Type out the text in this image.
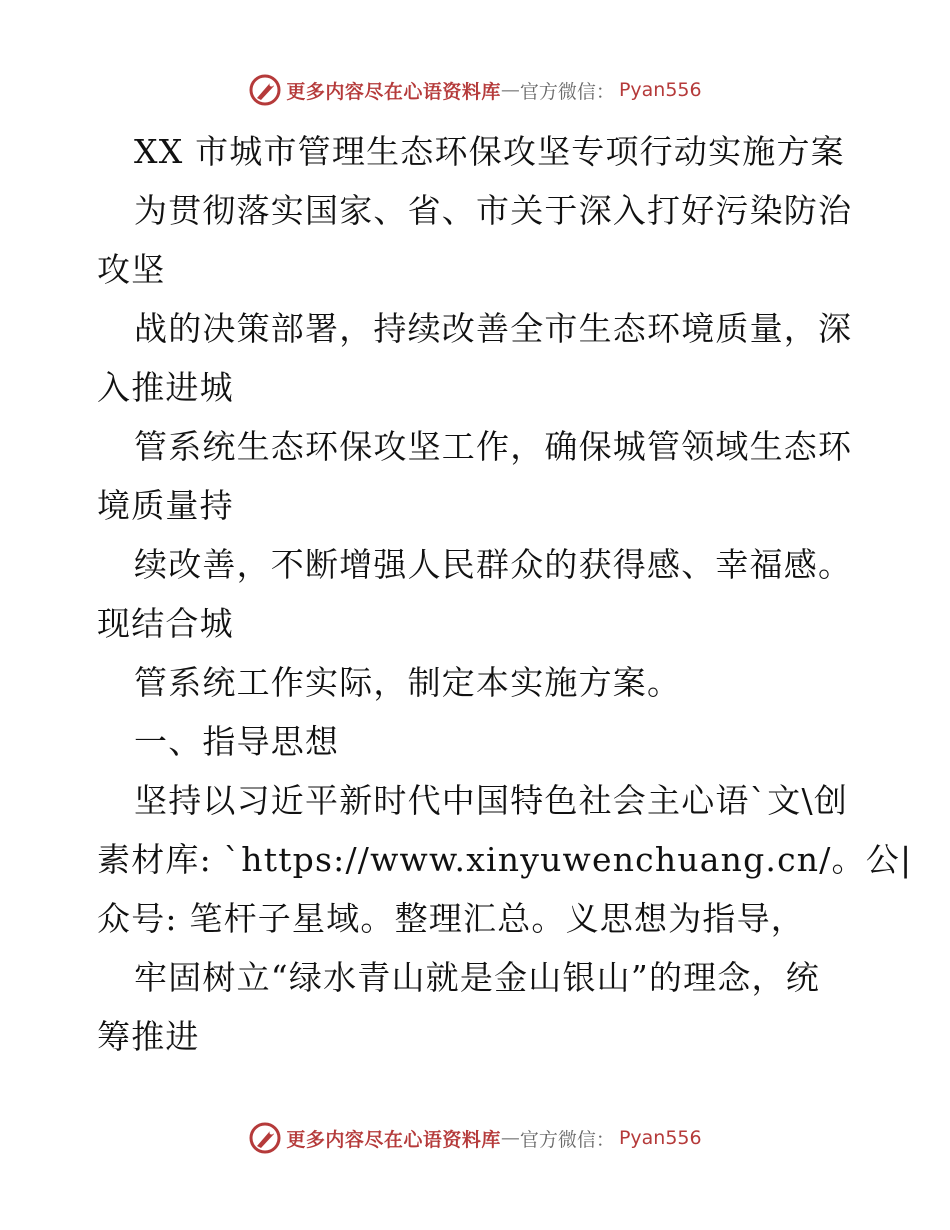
更多内容尽在心语资料库 — 官方微信： Pyan556
XX 市城市管理生态环保攻坚专项行动实施方案
为贯彻落实国家、省、市关于深入打好污染防治
攻坚
战的决策部署，持续改善全市生态环境质量，深
入推进城
管系统生态环保攻坚工作，确保城管领域生态环
境质量持
续改善，不断增强人民群众的获得感、幸福感。
现结合城
管系统工作实际，制定本实施方案。
一、指导思想
坚持以习近平新时代中国特色社会主心语`文\创
素材库: `https://www.xinyuwenchuang.cn/。公|
众号: 笔杆子星域。整理汇总。义思想为指导，
牢固树立“绿水青山就是金山银山”的理念，统
筹推进
更多内容尽在心语资料库 — 官方微信： Pyan556
